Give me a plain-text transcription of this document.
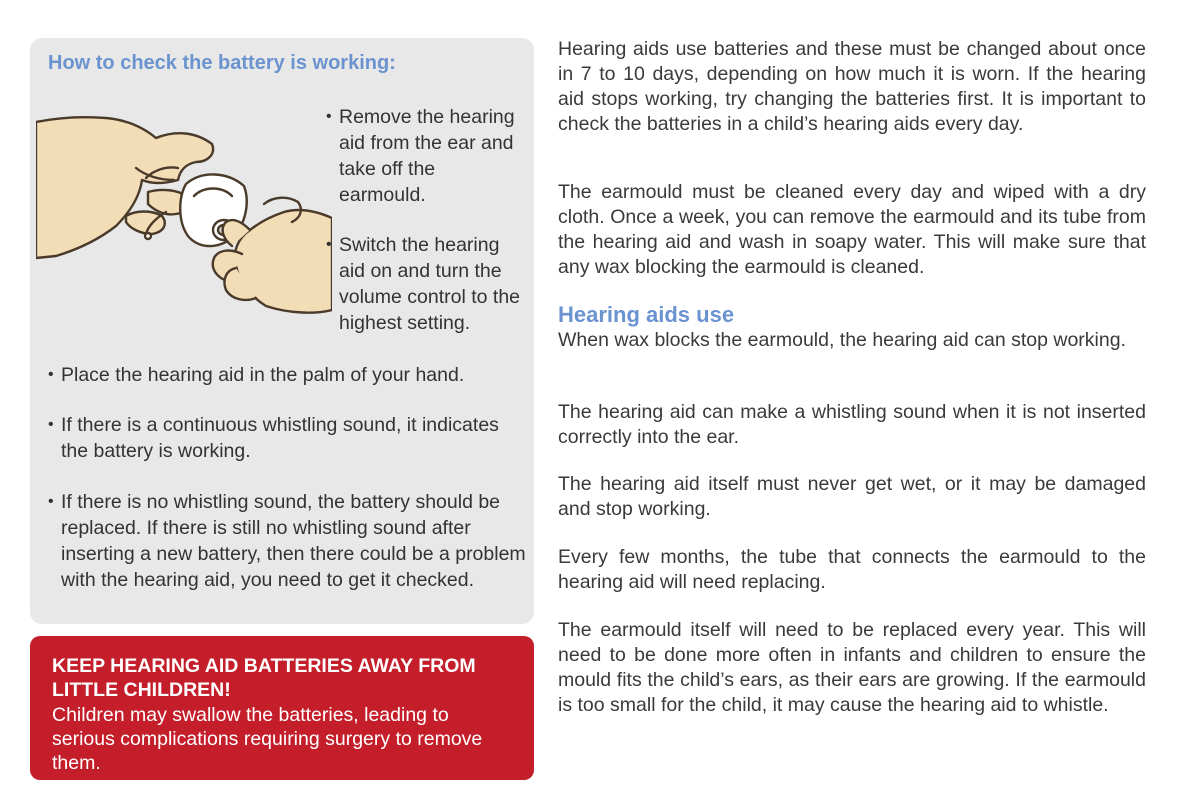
How to check the battery is working:
• Remove the hearing aid from the ear and take off the earmould.
• Switch the hearing aid on and turn the volume control to the highest setting.
• Place the hearing aid in the palm of your hand.
• If there is a continuous whistling sound, it indicates the battery is working.
• If there is no whistling sound, the battery should be replaced. If there is still no whistling sound after inserting a new battery, then there could be a problem with the hearing aid, you need to get it checked.
KEEP HEARING AID BATTERIES AWAY FROM LITTLE CHILDREN!

Children may swallow the batteries, leading to serious complications requiring surgery to remove them.

Hearing aids use batteries and these must be changed about once in 7 to 10 days, depending on how much it is worn. If the hearing aid stops working, try changing the batteries first. It is important to check the batteries in a child’s hearing aids every day.

The earmould must be cleaned every day and wiped with a dry cloth. Once a week, you can remove the earmould and its tube from the hearing aid and wash in soapy water. This will make sure that any wax blocking the earmould is cleaned.

Hearing aids use

When wax blocks the earmould, the hearing aid can stop working.

The hearing aid can make a whistling sound when it is not inserted correctly into the ear.

The hearing aid itself must never get wet, or it may be damaged and stop working.

Every few months, the tube that connects the earmould to the hearing aid will need replacing.

The earmould itself will need to be replaced every year. This will need to be done more often in infants and children to ensure the mould fits the child’s ears, as their ears are growing. If the earmould is too small for the child, it may cause the hearing aid to whistle.
